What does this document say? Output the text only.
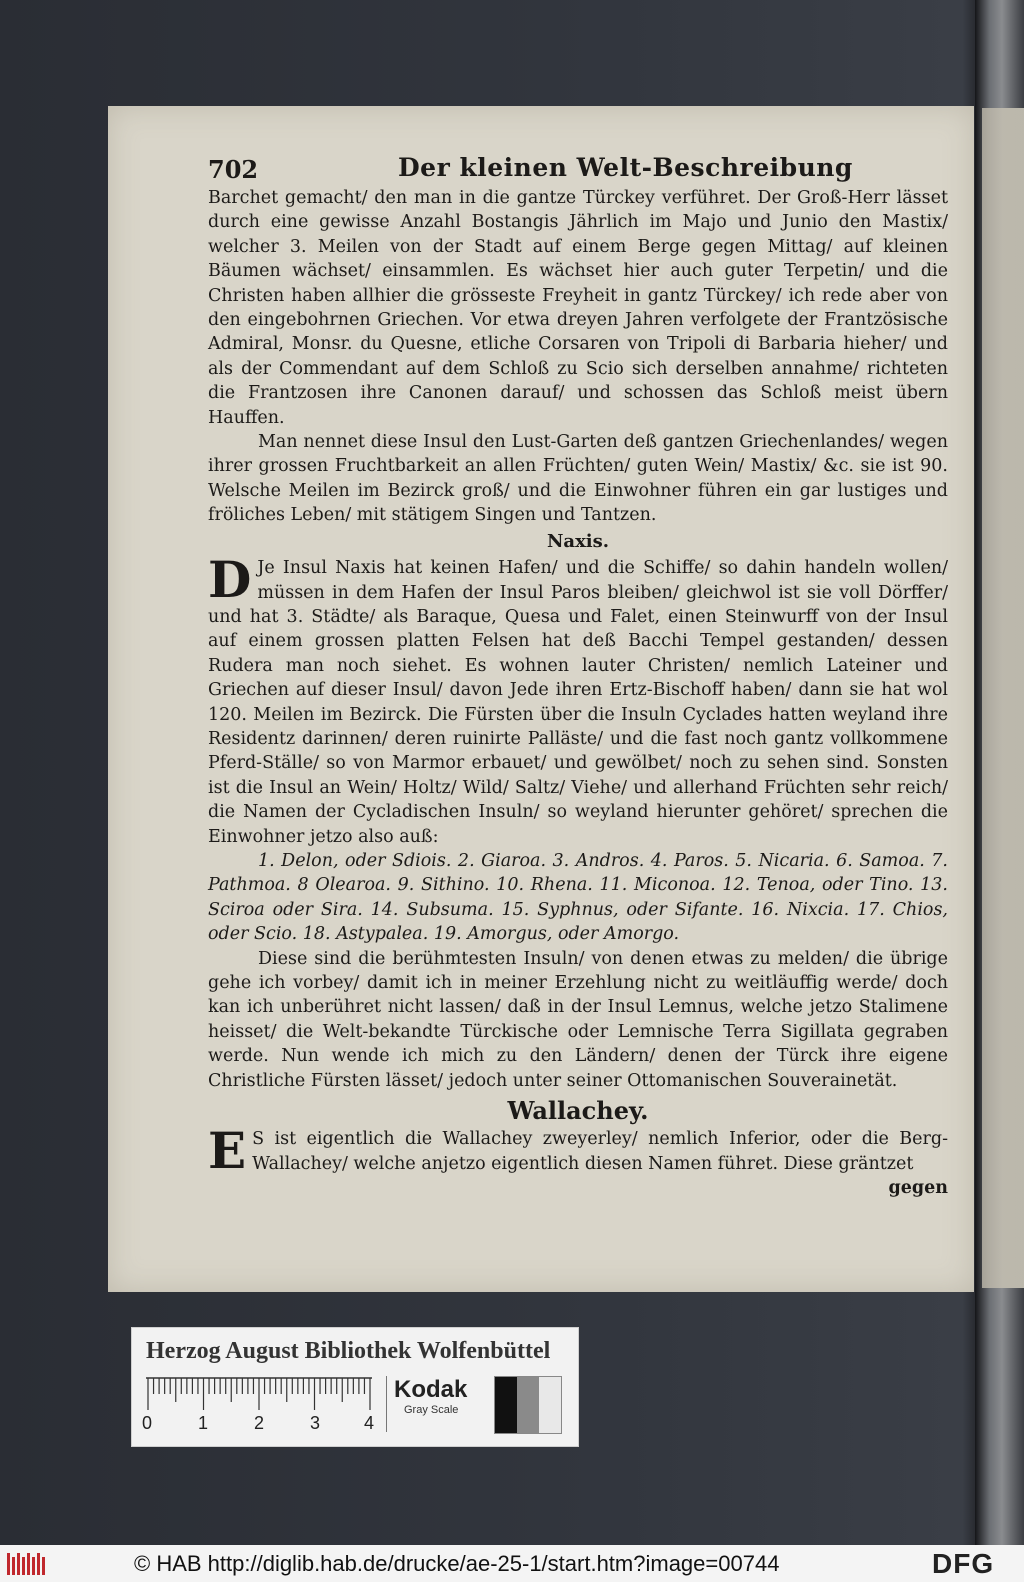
702	Der kleinen Welt-Beschreibung

Barchet gemacht/ den man in die gantze Türckey verführet. Der Groß-Herr lässet durch eine gewisse Anzahl Bostangis Jährlich im Majo und Junio den Mastix/ welcher 3. Meilen von der Stadt auf einem Berge gegen Mittag/ auf kleinen Bäumen wächset/ einsammlen. Es wächset hier auch guter Terpetin/ und die Christen haben allhier die grösseste Freyheit in gantz Türckey/ ich rede aber von den eingebohrnen Griechen. Vor etwa dreyen Jahren verfolgete der Frantzösische Admiral, Monsr. du Quesne, etliche Corsaren von Tripoli di Barbaria hieher/ und als der Commendant auf dem Schloß zu Scio sich derselben annahme/ richteten die Frantzosen ihre Canonen darauf/ und schossen das Schloß meist übern Hauffen.

Man nennet diese Insul den Lust-Garten deß gantzen Griechenlandes/ wegen ihrer grossen Fruchtbarkeit an allen Früchten/ guten Wein/ Mastix/ &c. sie ist 90. Welsche Meilen im Bezirck groß/ und die Einwohner führen ein gar lustiges und fröliches Leben/ mit stätigem Singen und Tantzen.

Naxis.

D Je Insul Naxis hat keinen Hafen/ und die Schiffe/ so dahin handeln wollen/ müssen in dem Hafen der Insul Paros bleiben/ gleichwol ist sie voll Dörffer/ und hat 3. Städte/ als Baraque, Quesa und Falet, einen Steinwurff von der Insul auf einem grossen platten Felsen hat deß Bacchi Tempel gestanden/ dessen Rudera man noch siehet. Es wohnen lauter Christen/ nemlich Lateiner und Griechen auf dieser Insul/ davon Jede ihren Ertz-Bischoff haben/ dann sie hat wol 120. Meilen im Bezirck. Die Fürsten über die Insuln Cyclades hatten weyland ihre Residentz darinnen/ deren ruinirte Palläste/ und die fast noch gantz vollkommene Pferd-Ställe/ so von Marmor erbauet/ und gewölbet/ noch zu sehen sind. Sonsten ist die Insul an Wein/ Holtz/ Wild/ Saltz/ Viehe/ und allerhand Früchten sehr reich/ die Namen der Cycladischen Insuln/ so weyland hierunter gehöret/ sprechen die Einwohner jetzo also auß:

1. Delon, oder Sdiois. 2. Giaroa. 3. Andros. 4. Paros. 5. Nicaria. 6. Samoa. 7. Pathmoa. 8 Olearoa. 9. Sithino. 10. Rhena. 11. Miconoa. 12. Tenoa, oder Tino. 13. Sciroa oder Sira. 14. Subsuma. 15. Syphnus, oder Sifante. 16. Nixcia. 17. Chios, oder Scio. 18. Astypalea. 19. Amorgus, oder Amorgo.

Diese sind die berühmtesten Insuln/ von denen etwas zu melden/ die übrige gehe ich vorbey/ damit ich in meiner Erzehlung nicht zu weitläuffig werde/ doch kan ich unberühret nicht lassen/ daß in der Insul Lemnus, welche jetzo Stalimene heisset/ die Welt-bekandte Türckische oder Lemnische Terra Sigillata gegraben werde. Nun wende ich mich zu den Ländern/ denen der Türck ihre eigene Christliche Fürsten lässet/ jedoch unter seiner Ottomanischen Souverainetät.

Wallachey.

E S ist eigentlich die Wallachey zweyerley/ nemlich Inferior, oder die Berg-Wallachey/ welche anjetzo eigentlich diesen Namen führet. Diese gräntzet

gegen

Herzog August Bibliothek Wolfenbüttel
0	1	2	3 4
Kodak
Gray Scale
© HAB http://diglib.hab.de/drucke/ae-25-1/start.htm?image=00744	DFG
